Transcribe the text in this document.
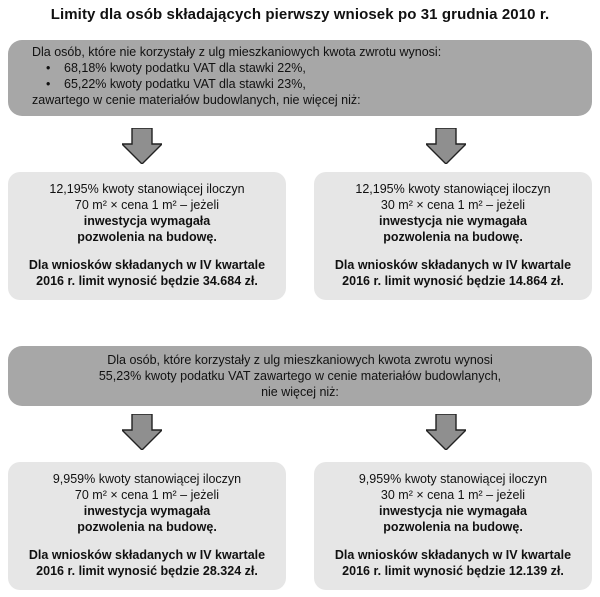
Limity dla osób składających pierwszy wniosek po 31 grudnia 2010 r.
Dla osób, które nie korzystały z ulg mieszkaniowych kwota zwrotu wynosi:
• 68,18% kwoty podatku VAT dla stawki 22%,
• 65,22% kwoty podatku VAT dla stawki 23%,
zawartego w cenie materiałów budowlanych, nie więcej niż:
12,195% kwoty stanowiącej iloczyn
70 m² × cena 1 m² – jeżeli
inwestycja wymagała
pozwolenia na budowę.
Dla wniosków składanych w IV kwartale
2016 r. limit wynosić będzie 34.684 zł.
12,195% kwoty stanowiącej iloczyn
30 m² × cena 1 m² – jeżeli
inwestycja nie wymagała
pozwolenia na budowę.
Dla wniosków składanych w IV kwartale
2016 r. limit wynosić będzie 14.864 zł.
Dla osób, które korzystały z ulg mieszkaniowych kwota zwrotu wynosi
55,23% kwoty podatku VAT zawartego w cenie materiałów budowlanych,
nie więcej niż:
9,959% kwoty stanowiącej iloczyn
70 m² × cena 1 m² – jeżeli
inwestycja wymagała
pozwolenia na budowę.
Dla wniosków składanych w IV kwartale
2016 r. limit wynosić będzie 28.324 zł.
9,959% kwoty stanowiącej iloczyn
30 m² × cena 1 m² – jeżeli
inwestycja nie wymagała
pozwolenia na budowę.
Dla wniosków składanych w IV kwartale
2016 r. limit wynosić będzie 12.139 zł.
